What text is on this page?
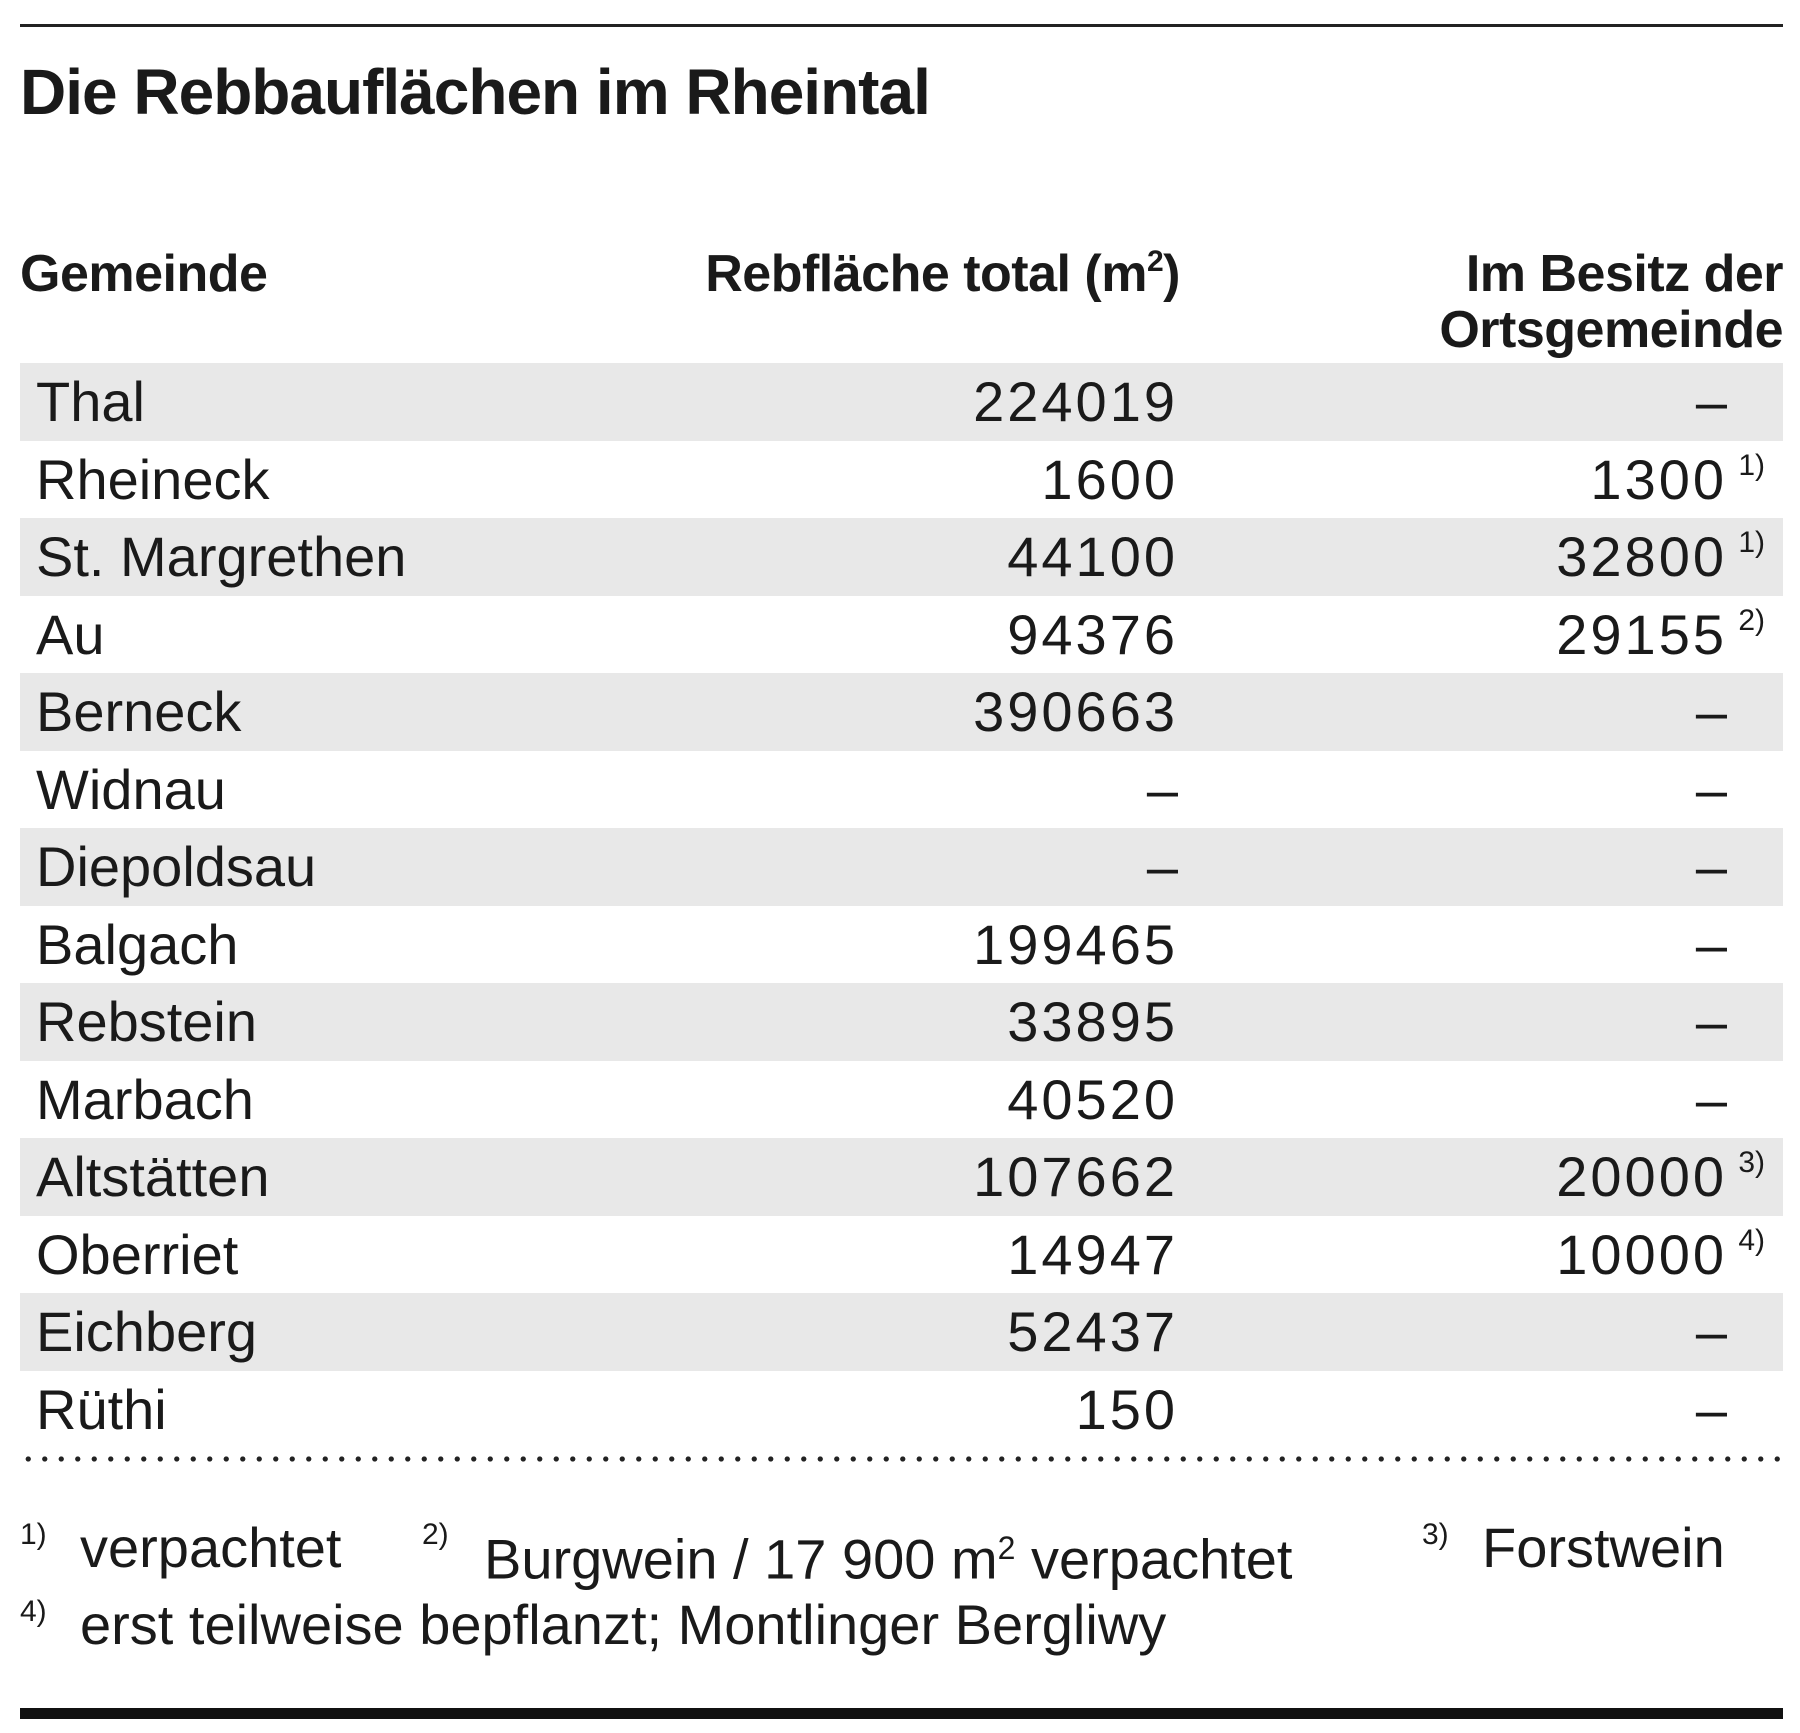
Die Rebbauflächen im Rheintal
Gemeinde	Rebfläche total $(m^2)$	Im Besitz der
Ortsgemeinde
Thal	224019	–
Rheineck	1600	1300 1)
St. Margrethen	44100	32800 1)
Au	94376	29155 2)
Berneck	390663	–
Widnau	–	–
Diepoldsau	–	–
Balgach	199465	–
Rebstein	33895	–
Marbach	40520	–
Altstätten	107662	20000 3)
Oberriet	14947	10000 4)
Eichberg	52437	–
Rüthi	150	–
1) verpachtet	2) Burgwein / 17 900 $m^2$ verpachtet	3) Forstwein
4) erst teilweise bepflanzt; Montlinger Bergliwy
